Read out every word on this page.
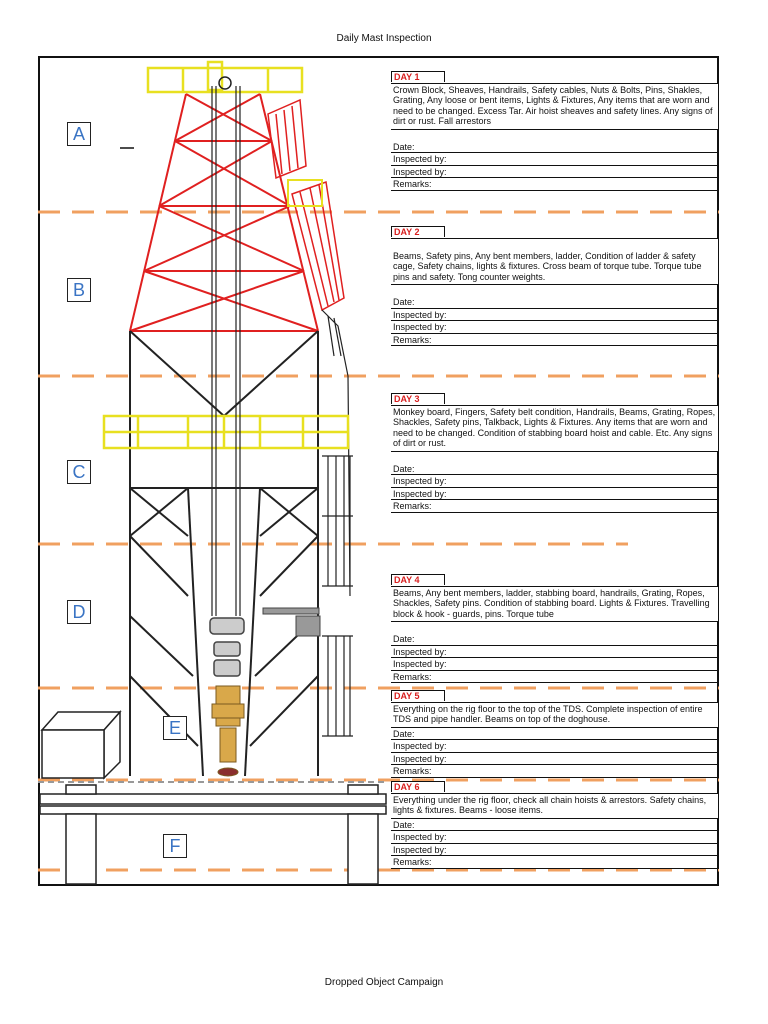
Daily Mast Inspection
A
B
C
D
E
F
DAY 1
Crown Block, Sheaves, Handrails, Safety cables, Nuts & Bolts, Pins, Shakles, Grating, Any loose or bent items, Lights & Fixtures, Any items that are worn and need to be changed. Excess Tar. Air hoist sheaves and safety lines. Any signs of dirt or rust. Fall arrestors
Date:
Inspected by:
Inspected by:
Remarks:
DAY 2
Beams, Safety pins, Any bent members, ladder, Condition of ladder & safety cage, Safety chains, lights & fixtures. Cross beam of torque tube. Torque tube pins and safety. Tong counter weights.
Date:
Inspected by:
Inspected by:
Remarks:
DAY 3
Monkey board, Fingers, Safety belt condition, Handrails, Beams, Grating, Ropes, Shackles, Safety pins, Talkback, Lights & Fixtures. Any items that are worn and need to be changed. Condition of stabbing board hoist and cable. Etc. Any signs of dirt or rust.
Date:
Inspected by:
Inspected by:
Remarks:
DAY 4
Beams, Any bent members, ladder, stabbing board, handrails, Grating, Ropes, Shackles, Safety pins. Condition of stabbing board. Lights & Fixtures. Travelling block & hook - guards, pins. Torque tube
Date:
Inspected by:
Inspected by:
Remarks:
DAY 5
Everything on the rig floor to the top of the TDS. Complete inspection of entire TDS and pipe handler. Beams on top of the doghouse.
Date:
Inspected by:
Inspected by:
Remarks:
DAY 6
Everything under the rig floor, check all chain hoists & arrestors. Safety chains, lights & fixtures. Beams - loose items.
Date:
Inspected by:
Inspected by:
Remarks:
Dropped Object Campaign
